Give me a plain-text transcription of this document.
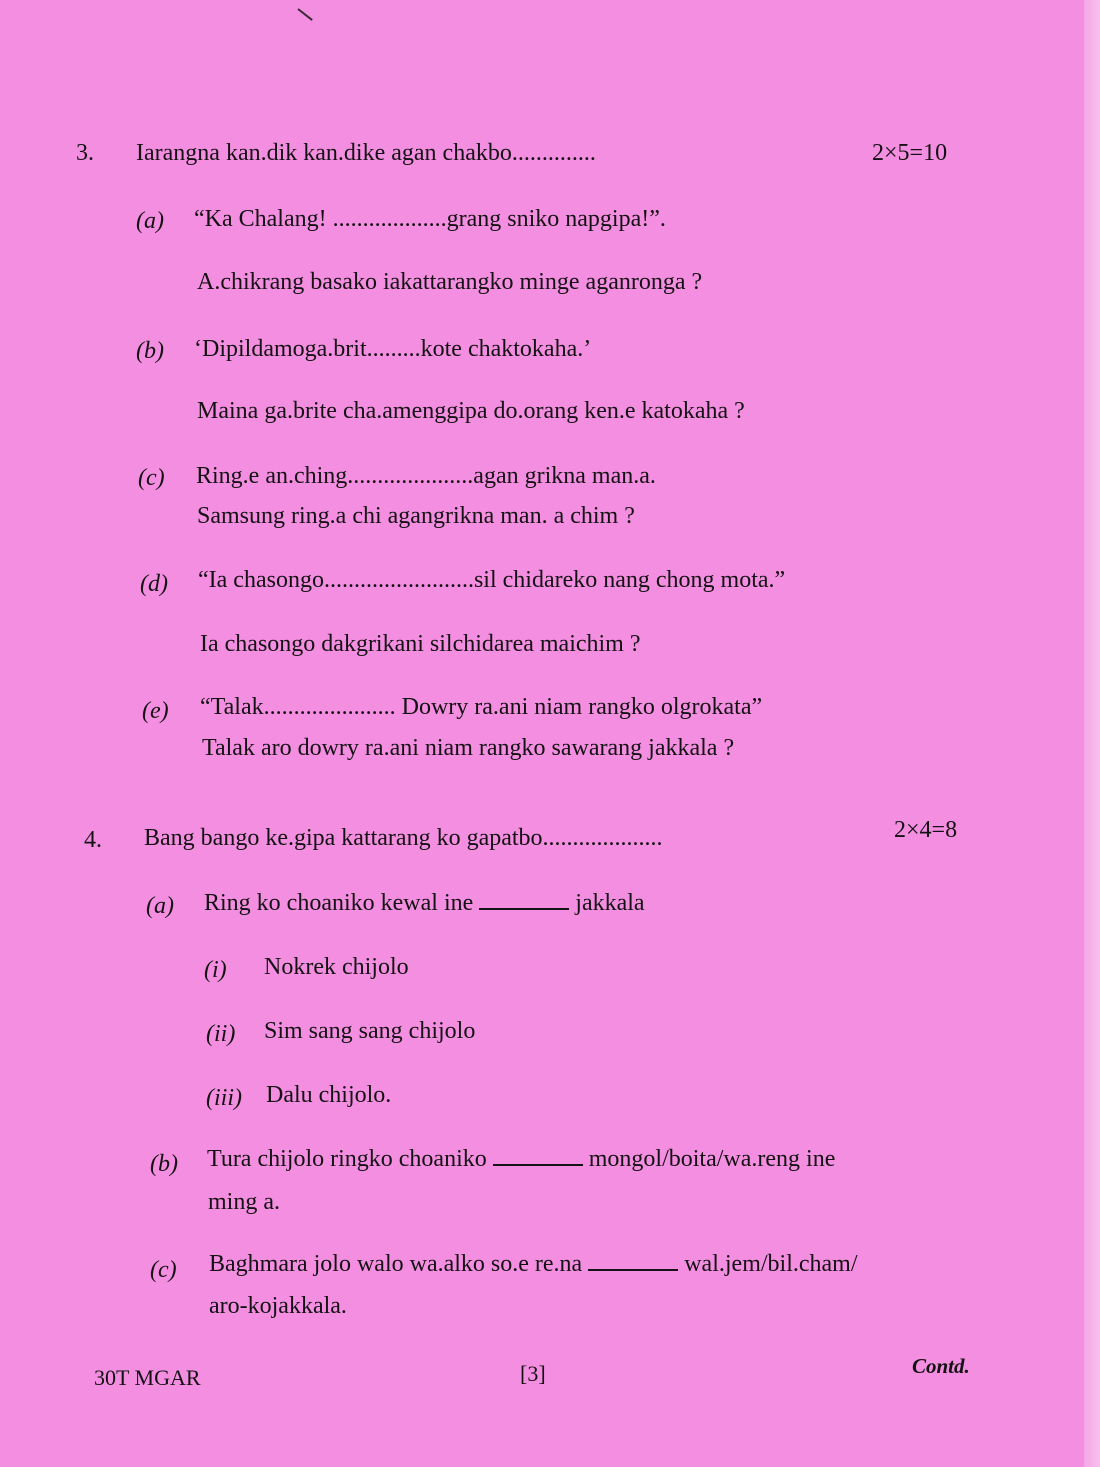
3. Iarangna kan.dik kan.dike agan chakbo..............	2×5=10
(a) “Ka Chalang! ...................grang sniko napgipa!”.
A.chikrang basako iakattarangko minge aganronga ?
(b) ‘Dipildamoga.brit.........kote chaktokaha.’
Maina ga.brite cha.amenggipa do.orang ken.e katokaha ?
(c) Ring.e an.ching.....................agan grikna man.a.
Samsung ring.a chi agangrikna man. a chim ?
(d) “Ia chasongo.........................sil chidareko nang chong mota.”
Ia chasongo dakgrikani silchidarea maichim ?
(e) “Talak...................... Dowry ra.ani niam rangko olgrokata”
Talak aro dowry ra.ani niam rangko sawarang jakkala ?
4. Bang bango ke.gipa kattarang ko gapatbo....................	2×4=8
(a) Ring ko choaniko kewal ine	jakkala
(i) Nokrek chijolo
(ii) Sim sang sang chijolo
(iii) Dalu chijolo.
(b) Tura chijolo ringko choaniko	mongol/boita/wa.reng ine
ming a.
(c) Baghmara jolo walo wa.alko so.e re.na	wal.jem/bil.cham/
aro-kojakkala.
30T MGAR	[3]	Contd.
